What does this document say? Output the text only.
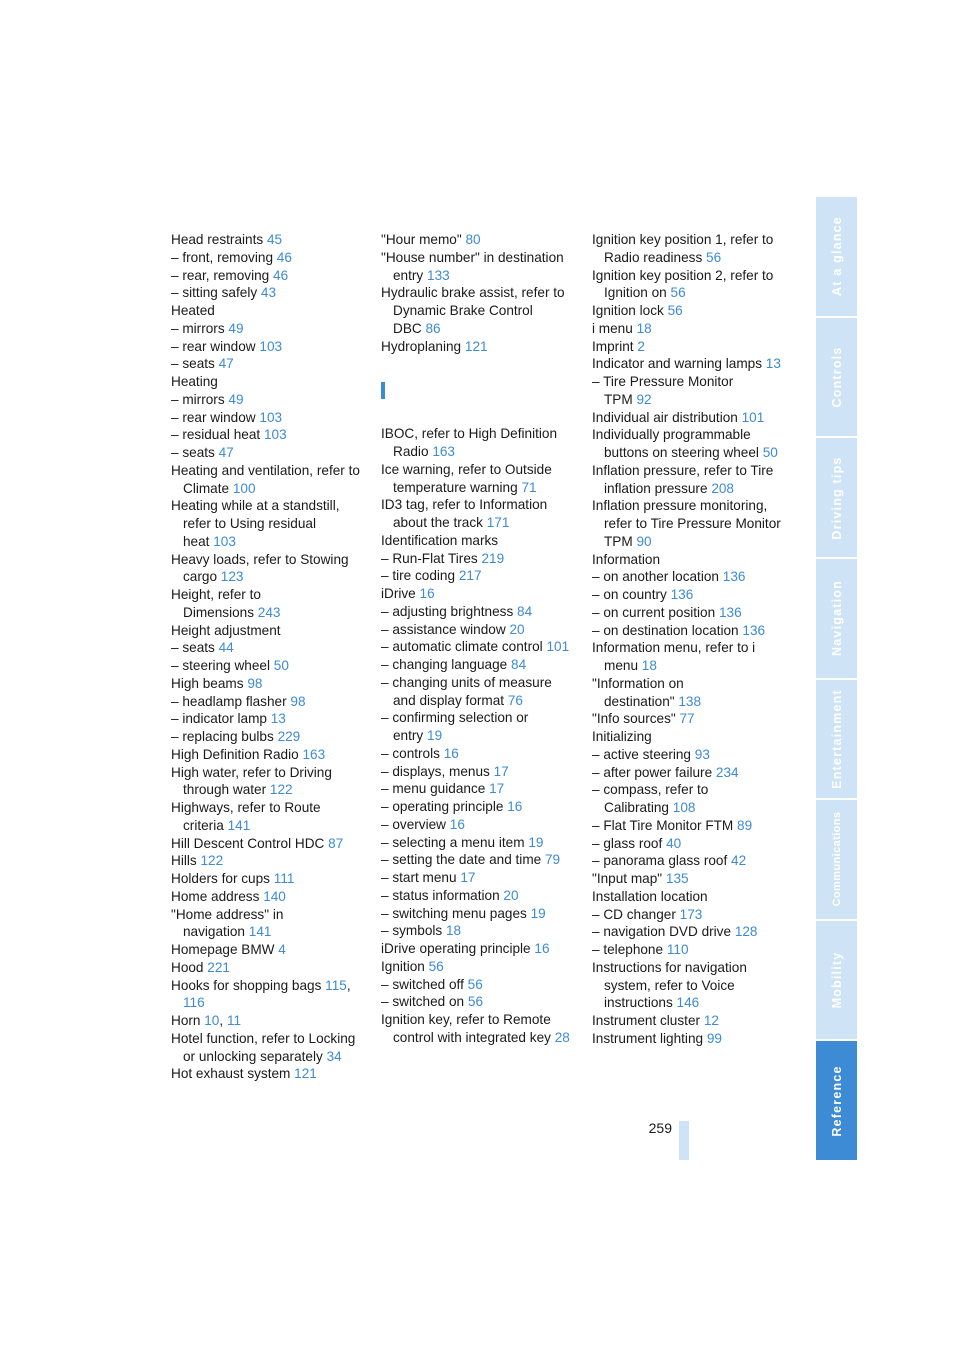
Head restraints 45
– front, removing 46
– rear, removing 46
– sitting safely 43
Heated
– mirrors 49
– rear window 103
– seats 47
Heating
– mirrors 49
– rear window 103
– residual heat 103
– seats 47
Heating and ventilation, refer to Climate 100
Heating while at a standstill, refer to Using residual heat 103
Heavy loads, refer to Stowing cargo 123
Height, refer to Dimensions 243
Height adjustment
– seats 44
– steering wheel 50
High beams 98
– headlamp flasher 98
– indicator lamp 13
– replacing bulbs 229
High Definition Radio 163
High water, refer to Driving through water 122
Highways, refer to Route criteria 141
Hill Descent Control HDC 87
Hills 122
Holders for cups 111
Home address 140
"Home address" in navigation 141
Homepage BMW 4
Hood 221
Hooks for shopping bags 115, 116
Horn 10, 11
Hotel function, refer to Locking or unlocking separately 34
Hot exhaust system 121
"Hour memo" 80
"House number" in destination entry 133
Hydraulic brake assist, refer to Dynamic Brake Control DBC 86
Hydroplaning 121
IBOC, refer to High Definition Radio 163
Ice warning, refer to Outside temperature warning 71
ID3 tag, refer to Information about the track 171
Identification marks
– Run-Flat Tires 219
– tire coding 217
iDrive 16
– adjusting brightness 84
– assistance window 20
– automatic climate control 101
– changing language 84
– changing units of measure and display format 76
– confirming selection or entry 19
– controls 16
– displays, menus 17
– menu guidance 17
– operating principle 16
– overview 16
– selecting a menu item 19
– setting the date and time 79
– start menu 17
– status information 20
– switching menu pages 19
– symbols 18
iDrive operating principle 16
Ignition 56
– switched off 56
– switched on 56
Ignition key, refer to Remote control with integrated key 28
Ignition key position 1, refer to Radio readiness 56
Ignition key position 2, refer to Ignition on 56
Ignition lock 56
i menu 18
Imprint 2
Indicator and warning lamps 13
– Tire Pressure Monitor TPM 92
Individual air distribution 101
Individually programmable buttons on steering wheel 50
Inflation pressure, refer to Tire inflation pressure 208
Inflation pressure monitoring, refer to Tire Pressure Monitor TPM 90
Information
– on another location 136
– on country 136
– on current position 136
– on destination location 136
Information menu, refer to i menu 18
"Information on destination" 138
"Info sources" 77
Initializing
– active steering 93
– after power failure 234
– compass, refer to Calibrating 108
– Flat Tire Monitor FTM 89
– glass roof 40
– panorama glass roof 42
"Input map" 135
Installation location
– CD changer 173
– navigation DVD drive 128
– telephone 110
Instructions for navigation system, refer to Voice instructions 146
Instrument cluster 12
Instrument lighting 99
259
At a glance
Controls
Driving tips
Navigation
Entertainment
Communications
Mobility
Reference
